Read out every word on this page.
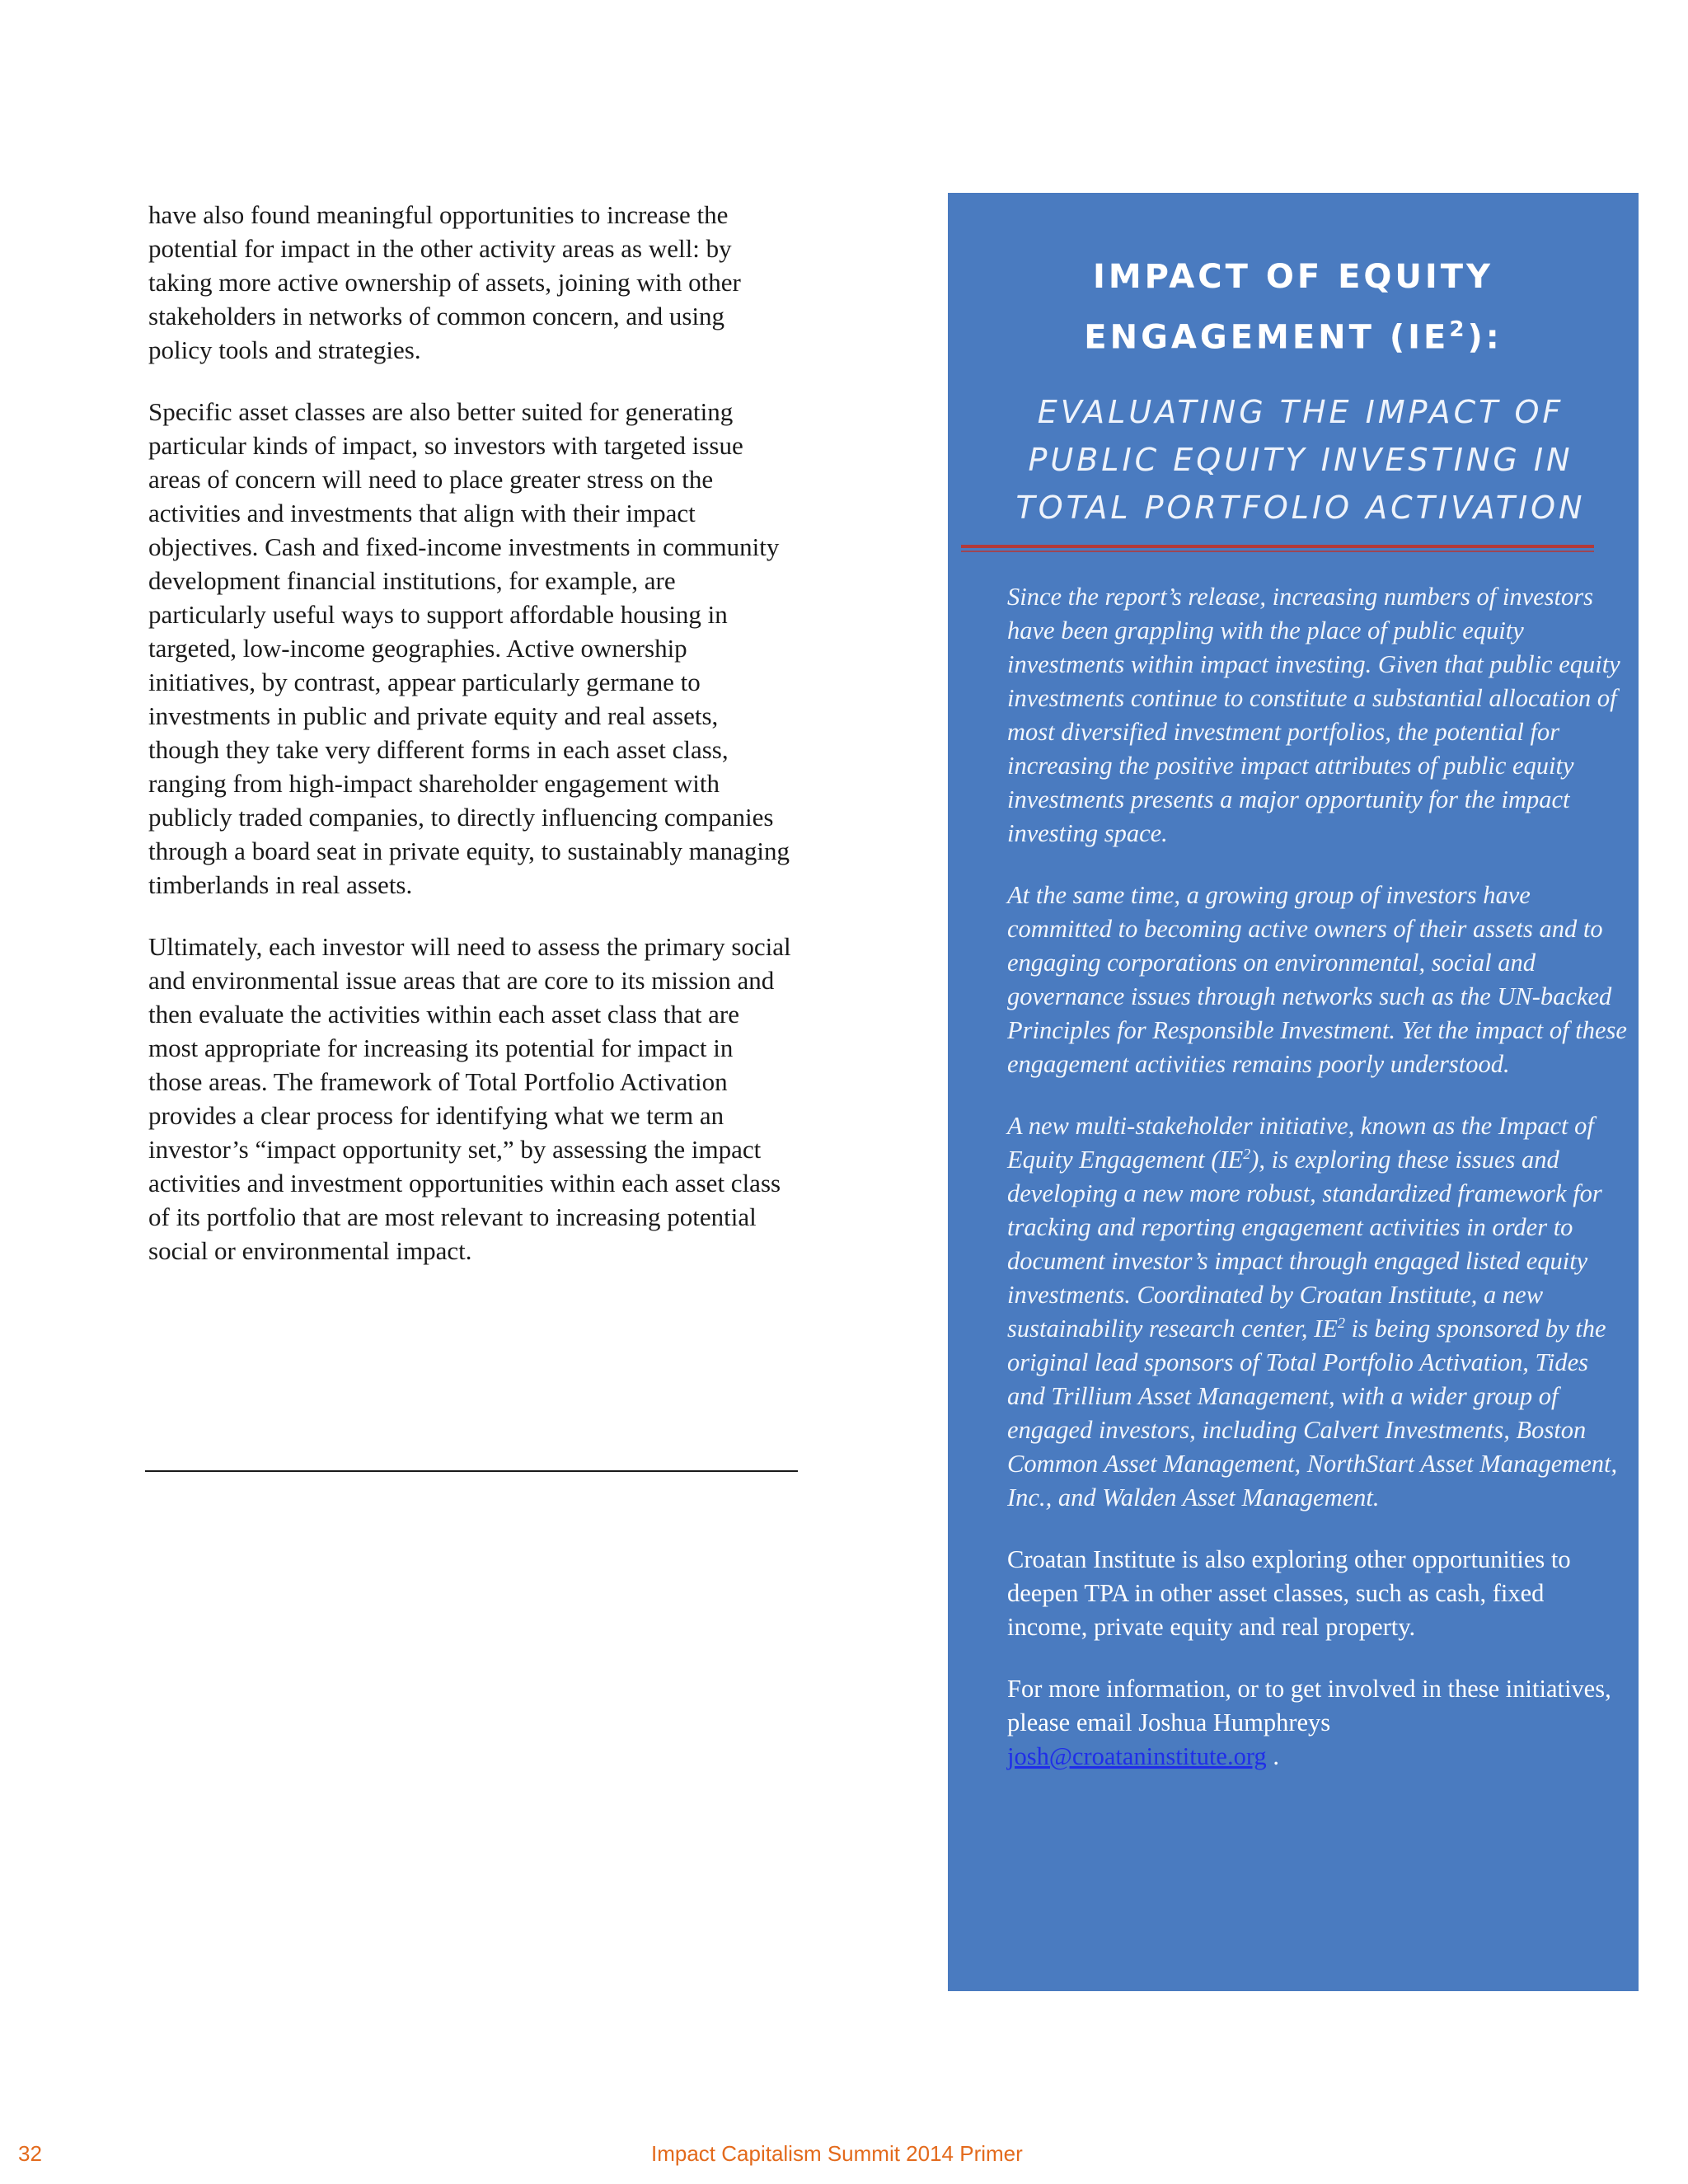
have also found meaningful opportunities to increase the potential for impact in the other activity areas as well: by taking more active ownership of assets, joining with other stakeholders in networks of common concern, and using policy tools and strategies.

Specific asset classes are also better suited for generating particular kinds of impact, so investors with targeted issue areas of concern will need to place greater stress on the activities and investments that align with their impact objectives. Cash and fixed-income investments in community development financial institutions, for example, are particularly useful ways to support affordable housing in targeted, low-income geographies. Active ownership initiatives, by contrast, appear particularly germane to investments in public and private equity and real assets, though they take very different forms in each asset class, ranging from high-impact shareholder engagement with publicly traded companies, to directly influencing companies through a board seat in private equity, to sustainably managing timberlands in real assets.

Ultimately, each investor will need to assess the primary social and environmental issue areas that are core to its mission and then evaluate the activities within each asset class that are most appropriate for increasing its potential for impact in those areas. The framework of Total Portfolio Activation provides a clear process for identifying what we term an investor’s “impact opportunity set,” by assessing the impact activities and investment opportunities within each asset class of its portfolio that are most relevant to increasing potential social or environmental impact.

IMPACT OF EQUITY
ENGAGEMENT $(IE^2)$:
EVALUATING THE IMPACT OF
PUBLIC EQUITY INVESTING IN
TOTAL PORTFOLIO ACTIVATION

Since the report’s release, increasing numbers of investors have been grappling with the place of public equity investments within impact investing. Given that public equity investments continue to constitute a substantial allocation of most diversified investment portfolios, the potential for increasing the positive impact attributes of public equity investments presents a major opportunity for the impact investing space.

At the same time, a growing group of investors have committed to becoming active owners of their assets and to engaging corporations on environmental, social and governance issues through networks such as the UN-backed Principles for Responsible Investment. Yet the impact of these engagement activities remains poorly understood.

A new multi-stakeholder initiative, known as the Impact of Equity Engagement $(IE^2)$, is exploring these issues and developing a new more robust, standardized framework for tracking and reporting engagement activities in order to document investor’s impact through engaged listed equity investments. Coordinated by Croatan Institute, a new sustainability research center, $IE^2$ is being sponsored by the original lead sponsors of Total Portfolio Activation, Tides and Trillium Asset Management, with a wider group of engaged investors, including Calvert Investments, Boston Common Asset Management, NorthStart Asset Management, Inc., and Walden Asset Management.

Croatan Institute is also exploring other opportunities to deepen TPA in other asset classes, such as cash, fixed income, private equity and real property.

For more information, or to get involved in these initiatives, please email Joshua Humphreys
josh@croataninstitute.org .

32	Impact Capitalism Summit 2014 Primer
